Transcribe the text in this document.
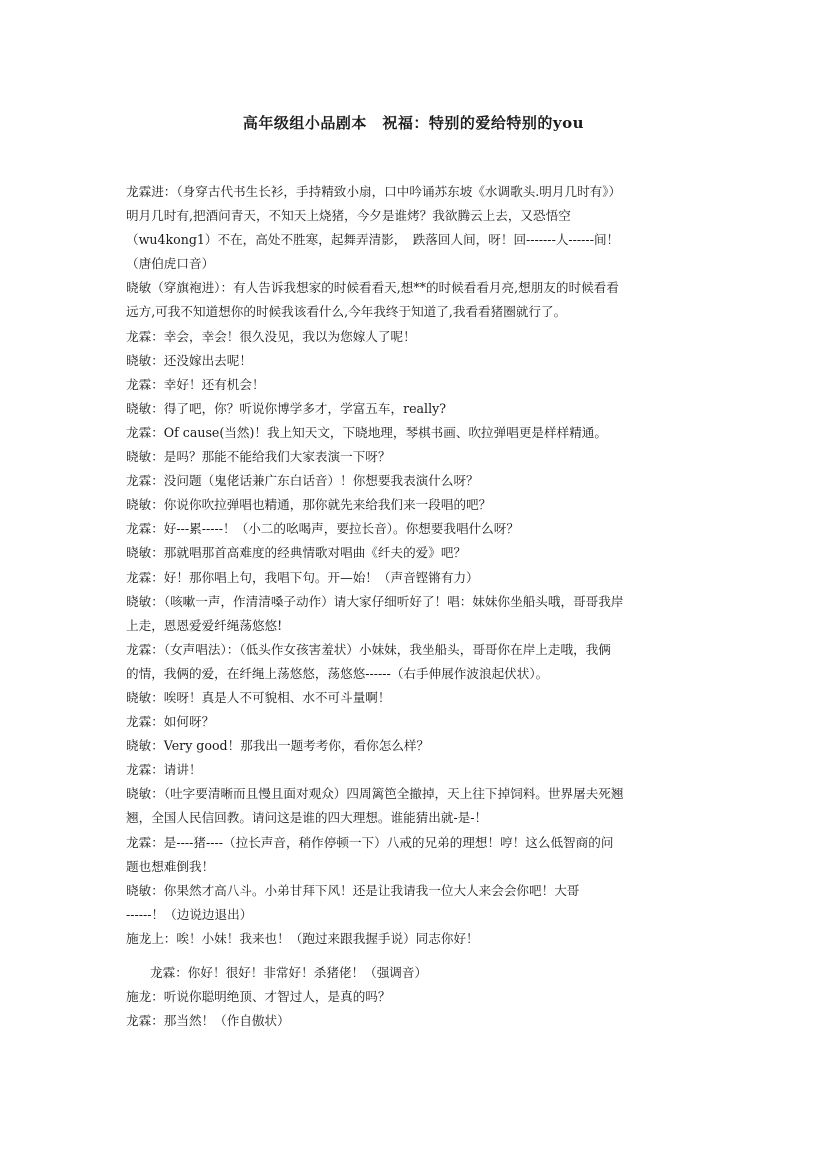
高年级组小品剧本　祝福：特别的爱给特别的you
龙霖进：（身穿古代书生长衫，手持精致小扇，口中吟诵苏东坡《水调歌头.明月几时有》）
明月几时有,把酒问青天，不知天上烧猪，今夕是谁烤？我欲腾云上去，又恐悟空
（wu4kong1）不在，高处不胜寒，起舞弄清影，　跌落回人间，呀！回-------人------间！
（唐伯虎口音）
晓敏（穿旗袍进）：有人告诉我想家的时候看看天,想**的时候看看月亮,想朋友的时候看看
远方,可我不知道想你的时候我该看什么,今年我终于知道了,我看看猪圈就行了。
龙霖：幸会，幸会！很久没见，我以为您嫁人了呢！
晓敏：还没嫁出去呢！
龙霖：幸好！还有机会！
晓敏：得了吧，你？听说你博学多才，学富五车，really?
龙霖：Of cause(当然)！我上知天文，下晓地理，琴棋书画、吹拉弹唱更是样样精通。
晓敏：是吗？那能不能给我们大家表演一下呀？
龙霖：没问题（鬼佬话兼广东白话音）！你想要我表演什么呀？
晓敏：你说你吹拉弹唱也精通，那你就先来给我们来一段唱的吧？
龙霖：好---累-----！（小二的吆喝声，要拉长音）。你想要我唱什么呀？
晓敏：那就唱那首高难度的经典情歌对唱曲《纤夫的爱》吧？
龙霖：好！那你唱上句，我唱下句。开—始！（声音铿锵有力）
晓敏：（咳嗽一声，作清清嗓子动作）请大家仔细听好了！唱：妹妹你坐船头哦，哥哥我岸
上走，恩恩爱爱纤绳荡悠悠!
龙霖：（女声唱法）：（低头作女孩害羞状）小妹妹，我坐船头，哥哥你在岸上走哦，我俩
的情，我俩的爱，在纤绳上荡悠悠，荡悠悠------（右手伸展作波浪起伏状）。
晓敏：唉呀！真是人不可貌相、水不可斗量啊！
龙霖：如何呀？
晓敏：Very good！那我出一题考考你，看你怎么样？
龙霖：请讲！
晓敏：（吐字要清晰而且慢且面对观众）四周篱笆全撤掉，天上往下掉饲料。世界屠夫死翘
翘，全国人民信回教。请问这是谁的四大理想。谁能猜出就-是-！
龙霖：是----猪----（拉长声音，稍作停顿一下）八戒的兄弟的理想！哼！这么低智商的问
题也想难倒我！
晓敏：你果然才高八斗。小弟甘拜下风！还是让我请我一位大人来会会你吧！大哥
------！（边说边退出）
施龙上：唉！小妹！我来也！（跑过来跟我握手说）同志你好！
龙霖：你好！很好！非常好！杀猪佬！（强调音）
施龙：听说你聪明绝顶、才智过人，是真的吗？
龙霖：那当然！（作自傲状）
